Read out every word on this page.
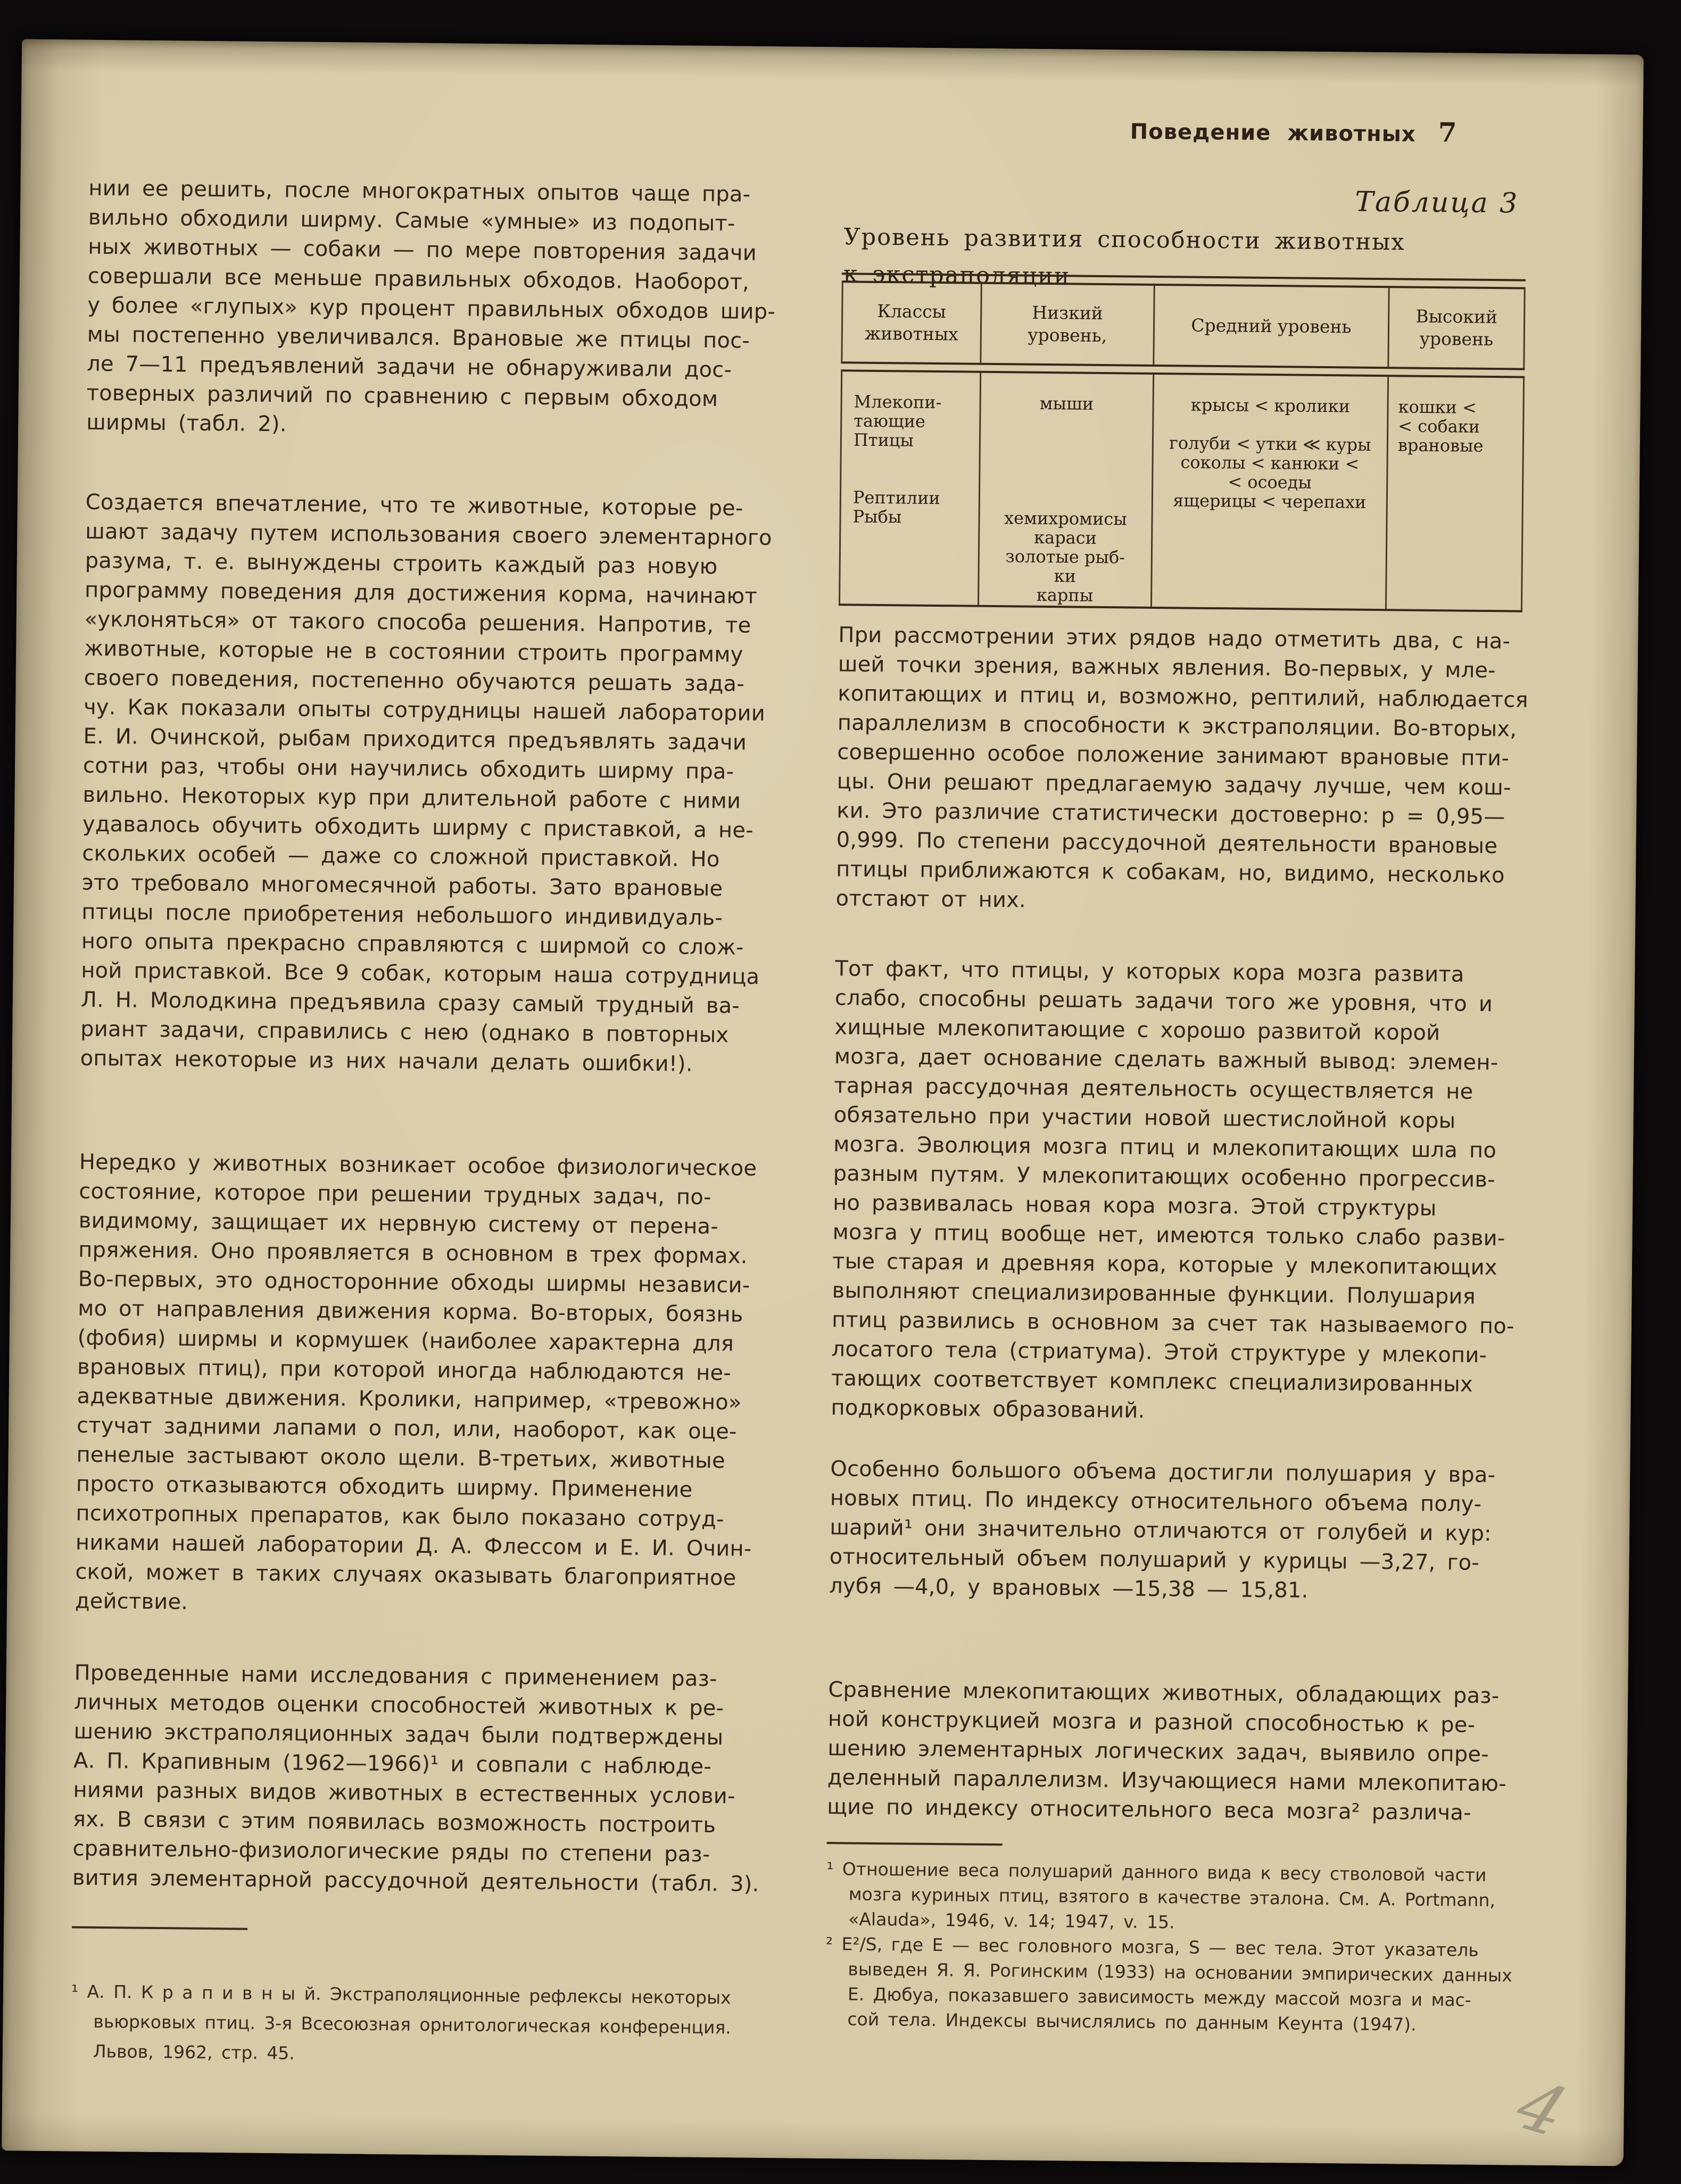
Поведение животных 7

нии ее решить, после многократных опытов чаще пра-
вильно обходили ширму. Самые «умные» из подопыт-
ных животных — собаки — по мере повторения задачи
совершали все меньше правильных обходов. Наоборот,
у более «глупых» кур процент правильных обходов шир-
мы постепенно увеличивался. Врановые же птицы пос-
ле 7—11 предъявлений задачи не обнаруживали дос-
товерных различий по сравнению с первым обходом
ширмы (табл. 2).

Создается впечатление, что те животные, которые ре-
шают задачу путем использования своего элементарного
разума, т. е. вынуждены строить каждый раз новую
программу поведения для достижения корма, начинают
«уклоняться» от такого способа решения. Напротив, те
животные, которые не в состоянии строить программу
своего поведения, постепенно обучаются решать зада-
чу. Как показали опыты сотрудницы нашей лаборатории
Е. И. Очинской, рыбам приходится предъявлять задачи
сотни раз, чтобы они научились обходить ширму пра-
вильно. Некоторых кур при длительной работе с ними
удавалось обучить обходить ширму с приставкой, а не-
скольких особей — даже со сложной приставкой. Но
это требовало многомесячной работы. Зато врановые
птицы после приобретения небольшого индивидуаль-
ного опыта прекрасно справляются с ширмой со слож-
ной приставкой. Все 9 собак, которым наша сотрудница
Л. Н. Молодкина предъявила сразу самый трудный ва-
риант задачи, справились с нею (однако в повторных
опытах некоторые из них начали делать ошибки!).

Нередко у животных возникает особое физиологическое
состояние, которое при решении трудных задач, по-
видимому, защищает их нервную систему от перена-
пряжения. Оно проявляется в основном в трех формах.
Во-первых, это односторонние обходы ширмы независи-
мо от направления движения корма. Во-вторых, боязнь
(фобия) ширмы и кормушек (наиболее характерна для
врановых птиц), при которой иногда наблюдаются не-
адекватные движения. Кролики, например, «тревожно»
стучат задними лапами о пол, или, наоборот, как оце-
пенелые застывают около щели. В-третьих, животные
просто отказываются обходить ширму. Применение
психотропных препаратов, как было показано сотруд-
никами нашей лаборатории Д. А. Флессом и Е. И. Очин-
ской, может в таких случаях оказывать благоприятное
действие.

Проведенные нами исследования с применением раз-
личных методов оценки способностей животных к ре-
шению экстраполяционных задач были подтверждены
А. П. Крапивным (1962—1966)¹ и совпали с наблюде-
ниями разных видов животных в естественных услови-
ях. В связи с этим появилась возможность построить
сравнительно-физиологические ряды по степени раз-
вития элементарной рассудочной деятельности (табл. 3).

¹ А. П. К р а п и в н ы й. Экстраполяционные рефлексы некоторых
вьюрковых птиц. 3-я Всесоюзная орнитологическая конференция.
Львов, 1962, стр. 45.

Таблица 3

Уровень развития способности животных
к экстраполяции

Классы
животных
Низкий
уровень,	Средний уровень	Высокий
уровень
Млекопи-
тающие
Птицы

Рептилии
Рыбы
мыши

хемихромисы
караси
золотые рыб-
ки
карпы
крысы < кролики

голуби < утки ≪ куры
соколы < канюки <
< осоеды
ящерицы < черепахи
кошки <
< собаки
врановые

При рассмотрении этих рядов надо отметить два, с на-
шей точки зрения, важных явления. Во-первых, у мле-
копитающих и птиц и, возможно, рептилий, наблюдается
параллелизм в способности к экстраполяции. Во-вторых,
совершенно особое положение занимают врановые пти-
цы. Они решают предлагаемую задачу лучше, чем кош-
ки. Это различие статистически достоверно: p = 0,95—
0,999. По степени рассудочной деятельности врановые
птицы приближаются к собакам, но, видимо, несколько
отстают от них.

Тот факт, что птицы, у которых кора мозга развита
слабо, способны решать задачи того же уровня, что и
хищные млекопитающие с хорошо развитой корой
мозга, дает основание сделать важный вывод: элемен-
тарная рассудочная деятельность осуществляется не
обязательно при участии новой шестислойной коры
мозга. Эволюция мозга птиц и млекопитающих шла по
разным путям. У млекопитающих особенно прогрессив-
но развивалась новая кора мозга. Этой структуры
мозга у птиц вообще нет, имеются только слабо разви-
тые старая и древняя кора, которые у млекопитающих
выполняют специализированные функции. Полушария
птиц развились в основном за счет так называемого по-
лосатого тела (стриатума). Этой структуре у млекопи-
тающих соответствует комплекс специализированных
подкорковых образований.

Особенно большого объема достигли полушария у вра-
новых птиц. По индексу относительного объема полу-
шарий¹ они значительно отличаются от голубей и кур:
относительный объем полушарий у курицы —3,27, го-
лубя —4,0, у врановых —15,38 — 15,81.

Сравнение млекопитающих животных, обладающих раз-
ной конструкцией мозга и разной способностью к ре-
шению элементарных логических задач, выявило опре-
деленный параллелизм. Изучающиеся нами млекопитаю-
щие по индексу относительного веса мозга² различа-

¹ Отношение веса полушарий данного вида к весу стволовой части
мозга куриных птиц, взятого в качестве эталона. См. A. Portmann,
«Alauda», 1946, v. 14; 1947, v. 15.

² E²/S, где E — вес головного мозга, S — вес тела. Этот указатель
выведен Я. Я. Рогинским (1933) на основании эмпирических данных
Е. Дюбуа, показавшего зависимость между массой мозга и мас-
сой тела. Индексы вычислялись по данным Кеунта (1947).

4
